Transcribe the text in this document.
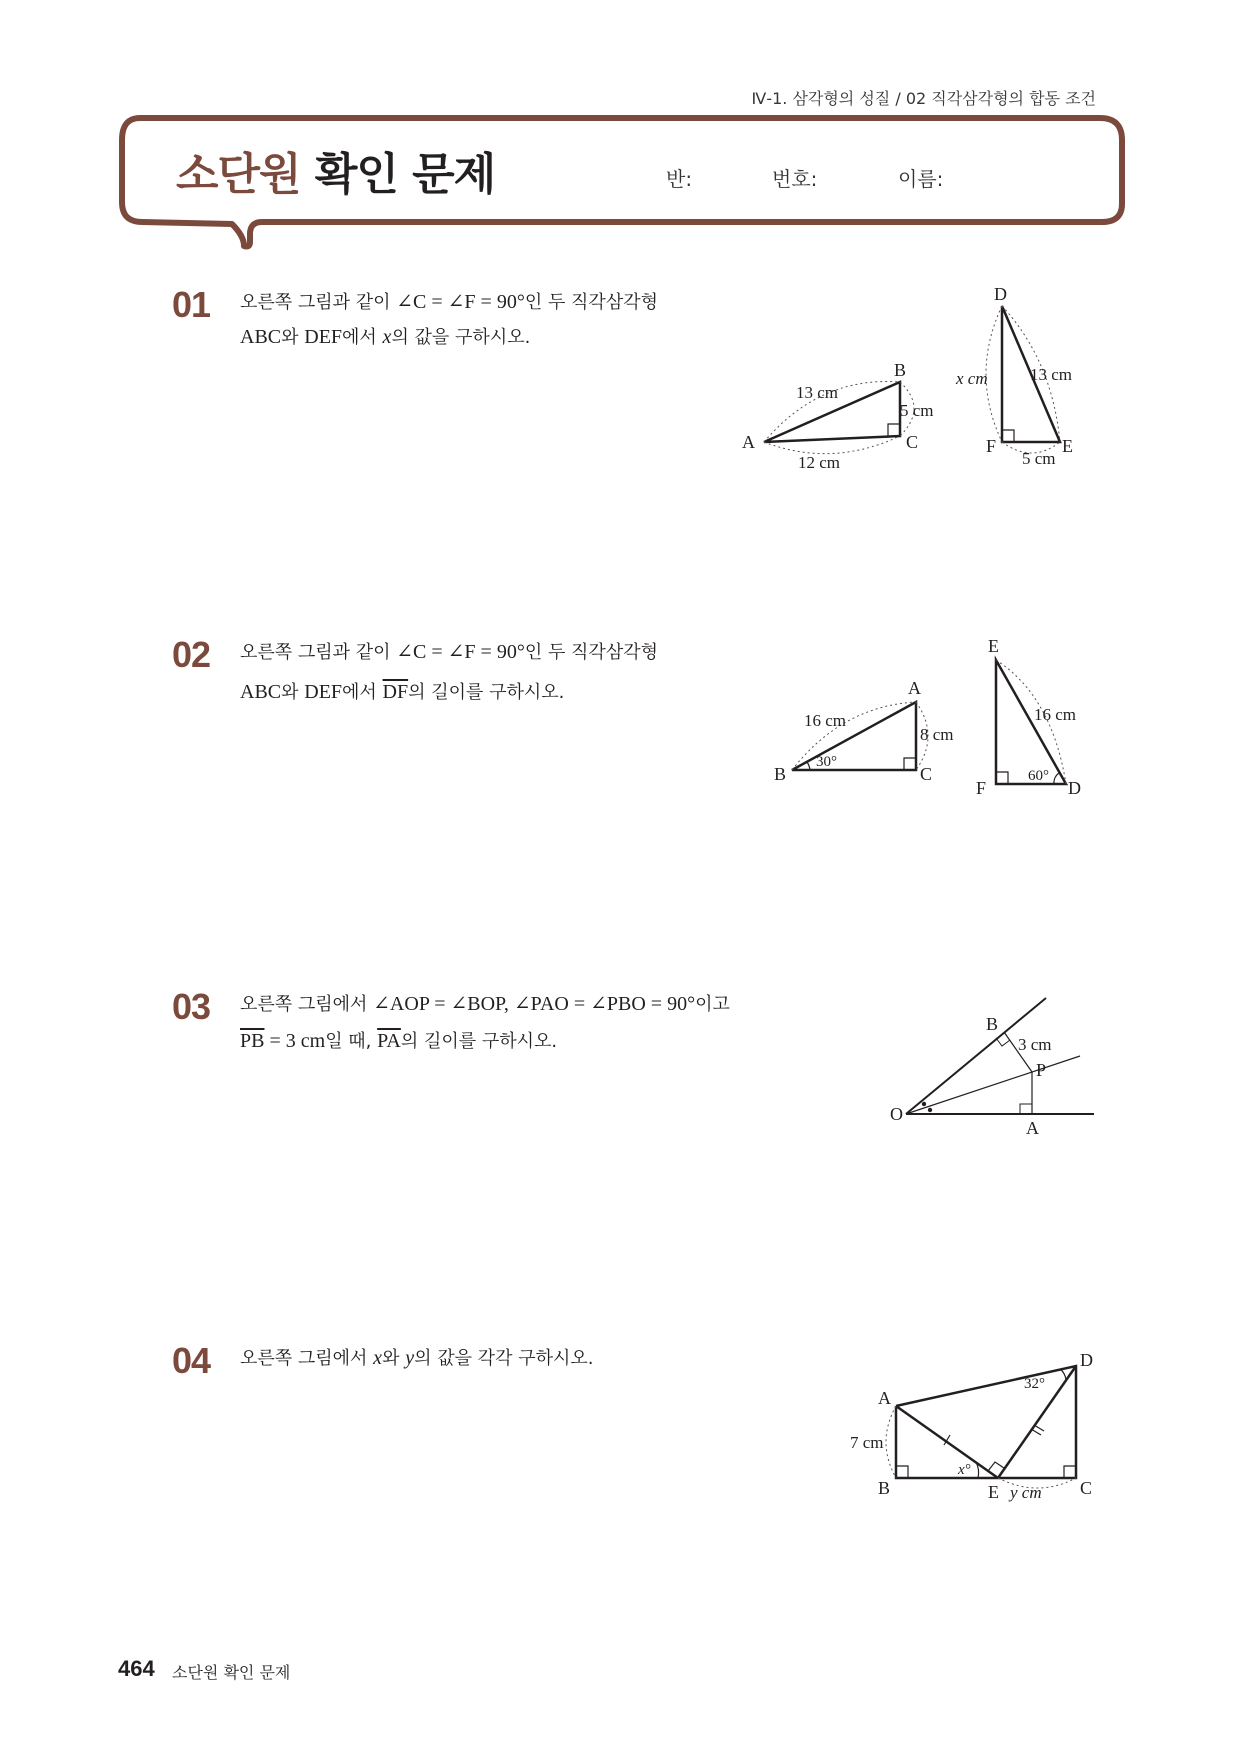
Ⅳ-1. 삼각형의 성질 / 02 직각삼각형의 합동 조건
소단원 확인 문제	반:	번호:	이름:
01 오른쪽 그림과 같이 ∠C = ∠F = 90°인 두 직각삼각형
ABC와 DEF에서 x의 값을 구하시오.
A
B
C
13 cm
5 cm
12 cm
D
E
F
x cm 13 cm
5 cm
02 오른쪽 그림과 같이 ∠C = ∠F = 90°인 두 직각삼각형
ABC와 DEF에서 $\overline{DF}$의 길이를 구하시오.
B
A
C
16 cm
8 cm
30°
E
D
F
16 cm
60°
03 오른쪽 그림에서 ∠AOP = ∠BOP, ∠PAO = ∠PBO = 90°이고
$\overline{PB} = 3$ cm일 때, $\overline{PA}$의 길이를 구하시오.
O
A
B
P
3 cm
04 오른쪽 그림에서 x와 y의 값을 각각 구하시오.
A
B	C
D
E
7 cm
32°
x°
y cm
464 소단원 확인 문제
